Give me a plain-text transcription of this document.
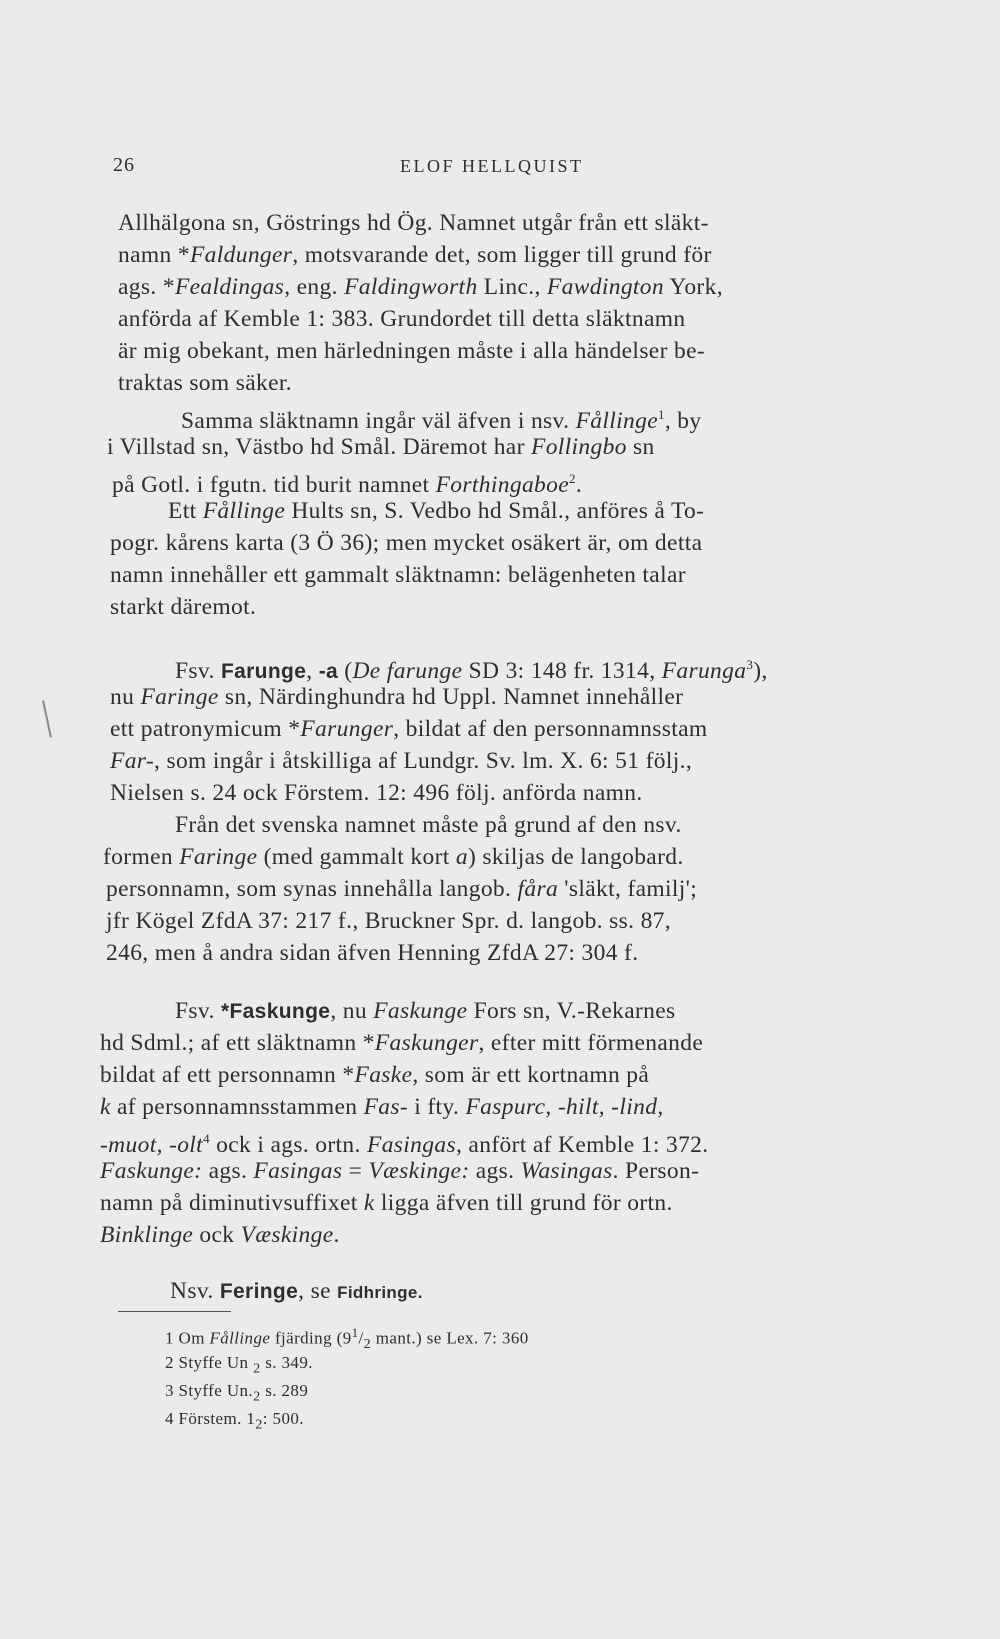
26	ELOF HELLQUIST
Allhälgona sn, Göstrings hd Ög. Namnet utgår från ett släkt-
namn *Faldunger, motsvarande det, som ligger till grund för
ags. *Fealdingas, eng. Faldingworth Linc., Fawdington York,
anförda af Kemble 1: 383. Grundordet till detta släktnamn
är mig obekant, men härledningen måste i alla händelser be-
traktas som säker.
Samma släktnamn ingår väl äfven i nsv. Fållinge$^1$, by
i Villstad sn, Västbo hd Smål. Däremot har Follingbo sn
på Gotl. i fgutn. tid burit namnet Forthingaboe$^2$.
Ett Fållinge Hults sn, S. Vedbo hd Smål., anföres å To-
pogr. kårens karta (3 Ö 36); men mycket osäkert är, om detta
namn innehåller ett gammalt släktnamn: belägenheten talar
starkt däremot.
Fsv. Farunge, -a (De farunge SD 3: 148 fr. 1314, Farunga$^3$),
nu Faringe sn, Närdinghundra hd Uppl. Namnet innehåller
ett patronymicum *Farunger, bildat af den personnamnsstam
Far-, som ingår i åtskilliga af Lundgr. Sv. lm. X. 6: 51 följ.,
Nielsen s. 24 ock Förstem. 12: 496 följ. anförda namn.
Från det svenska namnet måste på grund af den nsv.
formen Faringe (med gammalt kort a) skiljas de langobard.
personnamn, som synas innehålla langob. fåra 'släkt, familj';
jfr Kögel ZfdA 37: 217 f., Bruckner Spr. d. langob. ss. 87,
246, men å andra sidan äfven Henning ZfdA 27: 304 f.
Fsv. *Faskunge, nu Faskunge Fors sn, V.-Rekarnes
hd Sdml.; af ett släktnamn *Faskunger, efter mitt förmenande
bildat af ett personnamn *Faske, som är ett kortnamn på
k af personnamnsstammen Fas- i fty. Faspurc, -hilt, -lind,
-muot, -olt$^4$ ock i ags. ortn. Fasingas, anfört af Kemble 1: 372.
Faskunge: ags. Fasingas = Væskinge: ags. Wasingas. Person-
namn på diminutivsuffixet k ligga äfven till grund för ortn.
Binklinge ock Væskinge.
Nsv. Feringe, se Fidhringe.
1 Om Fållinge fjärding ($9^1/_2$ mant.) se Lex. 7: 360
2 Styffe Un $_2$ s. 349.
3 Styffe $Un._2$ s. 289
4 Förstem. $1_2$: 500.
